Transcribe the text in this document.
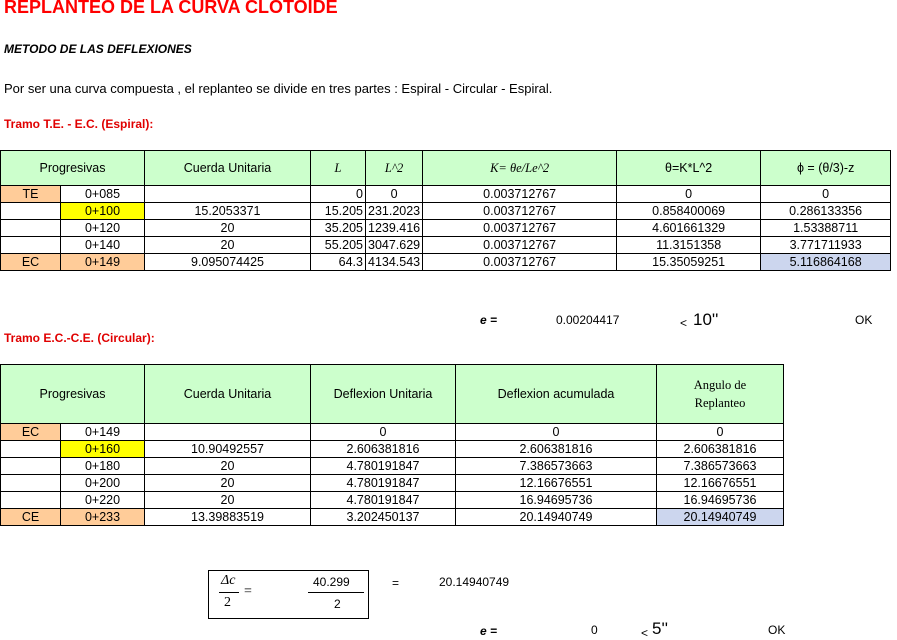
REPLANTEO DE LA CURVA CLOTOIDE
METODO DE LAS DEFLEXIONES
Por ser una curva compuesta , el replanteo se divide en tres partes : Espiral - Circular - Espiral.
Tramo T.E. - E.C. (Espiral):
Progresivas		Cuerda Unitaria	L	L^2	K= θe/Le^2	θ=K*L^2	ϕ = (θ/3)-z
TE	0+085		0	0	0.003712767	0	0
	0+100	15.2053371	15.205	231.2023	0.003712767	0.858400069	0.286133356
	0+120	20	35.205	1239.416	0.003712767	4.601661329	1.53388711
	0+140	20	55.205	3047.629	0.003712767	11.3151358	3.771711933
EC	0+149	9.095074425	64.3	4134.543	0.003712767	15.35059251	5.116864168
e =	0.00204417	< 10''	OK
Tramo E.C.-C.E. (Circular):
Progresivas		Cuerda Unitaria	Deflexion Unitaria	Deflexion acumulada	Angulo de
Replanteo

EC	0+149		0	0	0
	0+160	10.90492557	2.606381816	2.606381816	2.606381816
	0+180	20	4.780191847	7.386573663	7.386573663
	0+200	20	4.780191847	12.16676551	12.16676551
	0+220	20	4.780191847	16.94695736	16.94695736
CE	0+233	13.39883519	3.202450137	20.14940749	20.14940749
Δc
2
=
40.299
2
=	20.14940749
e =	0	< 5''	OK
